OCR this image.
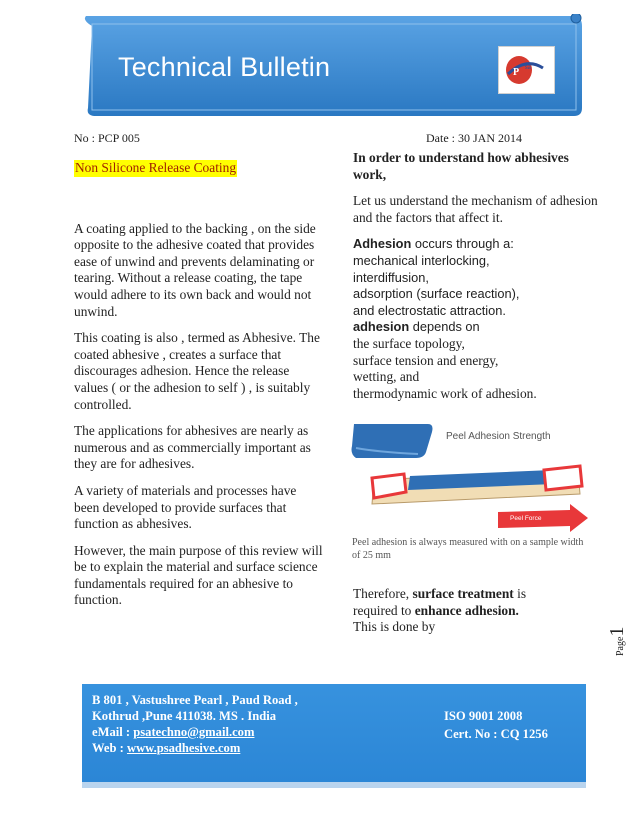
Technical Bulletin	sa
P
No : PCP 005	Date : 30 JAN 2014

Non Silicone Release Coating

A coating applied to the backing , on the side opposite to the adhesive coated that provides ease of unwind and prevents delaminating or tearing. Without a release coating, the tape would adhere to its own back and would not unwind.

This coating is also , termed as Abhesive. The coated abhesive , creates a surface that discourages adhesion. Hence the release values ( or the adhesion to self ) , is suitably controlled.

The applications for abhesives are nearly as numerous and as commercially important as they are for adhesives.

A variety of materials and processes have been developed to provide surfaces that function as abhesives.

However, the main purpose of this review will be to explain the material and surface science fundamentals required for an abhesive to function.

In order to understand how abhesives work,

Let us understand the mechanism of adhesion and the factors that affect it.

Adhesion occurs through a:
mechanical interlocking,
interdiffusion,
adsorption (surface reaction),
and electrostatic attraction.
adhesion depends on
the surface topology,
surface tension and energy,
wetting, and
thermodynamic work of adhesion.
Peel Adhesion Strength
Peel Force
Peel adhesion is always measured with on a sample width of 25 mm
Therefore, surface treatment is
required to enhance adhesion.
This is done by
Page1
B 801 , Vastushree Pearl , Paud Road ,
Kothrud ,Pune 411038. MS . India
eMail : psatechno@gmail.com
Web : www.psadhesive.com
ISO 9001 2008
Cert. No : CQ 1256
